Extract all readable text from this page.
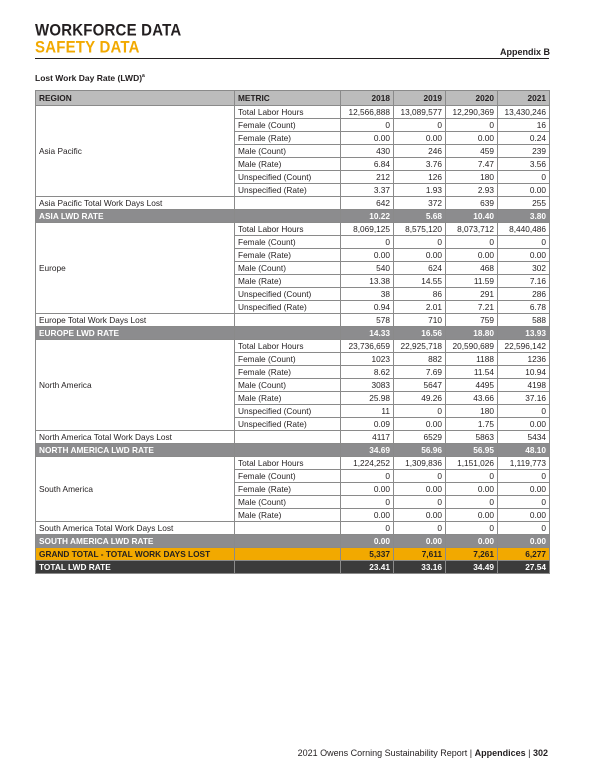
WORKFORCE DATA
SAFETY DATA	Appendix B
Lost Work Day Rate (LWD)$^a$
REGION	METRIC	2018	2019	2020	2021
Asia Pacific	Total Labor Hours	12,566,888	13,089,577	12,290,369	13,430,246
	Female (Count)	0	0	0	16
	Female (Rate)	0.00	0.00	0.00	0.24
	Male (Count)	430	246	459	239
	Male (Rate)	6.84	3.76	7.47	3.56
	Unspecified (Count)	212	126	180	0
	Unspecified (Rate)	3.37	1.93	2.93	0.00
Asia Pacific Total Work Days Lost		642	372	639	255
ASIA LWD RATE		10.22	5.68	10.40	3.80
Europe	Total Labor Hours	8,069,125	8,575,120	8,073,712	8,440,486
	Female (Count)	0	0	0	0
	Female (Rate)	0.00	0.00	0.00	0.00
	Male (Count)	540	624	468	302
	Male (Rate)	13.38	14.55	11.59	7.16
	Unspecified (Count)	38	86	291	286
	Unspecified (Rate)	0.94	2.01	7.21	6.78
Europe Total Work Days Lost		578	710	759	588
EUROPE LWD RATE		14.33	16.56	18.80	13.93
North America	Total Labor Hours	23,736,659	22,925,718	20,590,689	22,596,142
	Female (Count)	1023	882	1188	1236
	Female (Rate)	8.62	7.69	11.54	10.94
	Male (Count)	3083	5647	4495	4198
	Male (Rate)	25.98	49.26	43.66	37.16
	Unspecified (Count)	11	0	180	0
	Unspecified (Rate)	0.09	0.00	1.75	0.00
North America Total Work Days Lost		4117	6529	5863	5434
NORTH AMERICA LWD RATE		34.69	56.96	56.95	48.10
South America	Total Labor Hours	1,224,252	1,309,836	1,151,026	1,119,773
	Female (Count)	0	0	0	0
	Female (Rate)	0.00	0.00	0.00	0.00
	Male (Count)	0	0	0	0
	Male (Rate)	0.00	0.00	0.00	0.00
South America Total Work Days Lost		0	0	0	0
SOUTH AMERICA LWD RATE		0.00	0.00	0.00	0.00
GRAND TOTAL - TOTAL WORK DAYS LOST		5,337	7,611	7,261	6,277
TOTAL LWD RATE		23.41	33.16	34.49	27.54
2021 Owens Corning Sustainability Report | Appendices | 302
